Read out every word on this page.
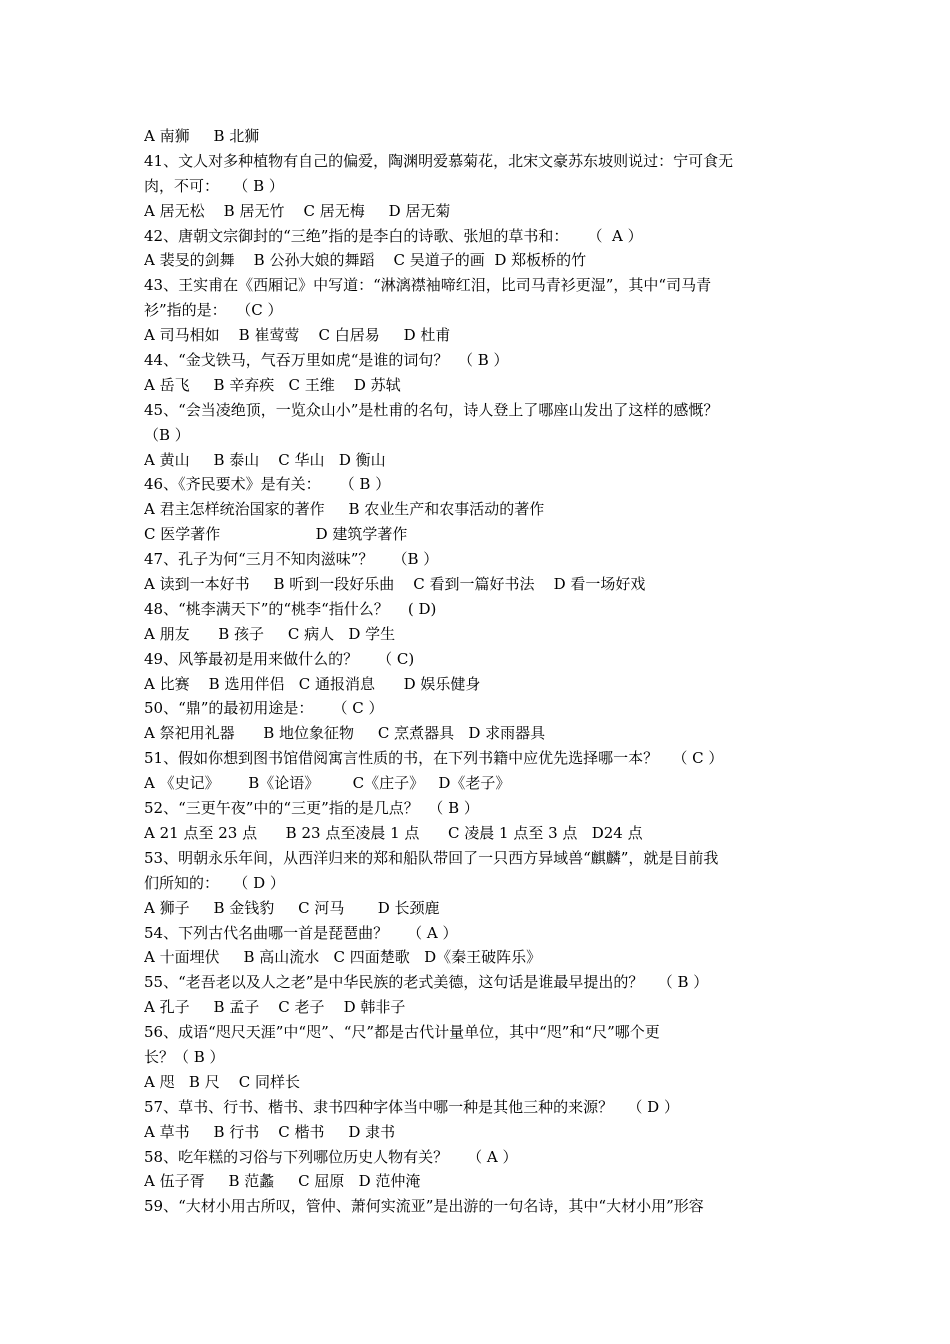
A 南狮     B 北狮
41、文人对多种植物有自己的偏爱，陶渊明爱慕菊花，北宋文豪苏东坡则说过：宁可食无
肉，不可：   （ B ）
A 居无松    B 居无竹    C 居无梅     D 居无菊
42、唐朝文宗御封的“三绝”指的是李白的诗歌、张旭的草书和：    （  A ）
A 裴旻的剑舞    B 公孙大娘的舞蹈    C 吴道子的画  D 郑板桥的竹
43、王实甫在《西厢记》中写道：“淋漓襟袖啼红泪，比司马青衫更湿”，其中“司马青
衫”指的是：  （C ）
A 司马相如    B 崔莺莺    C 白居易     D 杜甫
44、“金戈铁马，气吞万里如虎“是谁的词句？  （ B ）
A 岳飞     B 辛弃疾   C 王维    D 苏轼
45、“会当凌绝顶，一览众山小”是杜甫的名句，诗人登上了哪座山发出了这样的感慨？
（B ）
A 黄山     B 泰山    C 华山   D 衡山
46、《齐民要术》是有关：    （ B ）
A 君主怎样统治国家的著作     B 农业生产和农事活动的著作
C 医学著作                    D 建筑学著作
47、孔子为何“三月不知肉滋味”？    （B ）
A 读到一本好书     B 听到一段好乐曲    C 看到一篇好书法    D 看一场好戏
48、“桃李满天下”的“桃李“指什么？    ( D)
A 朋友      B 孩子     C 病人   D 学生
49、风筝最初是用来做什么的？    （ C)
A 比赛    B 选用伴侣   C 通报消息      D 娱乐健身
50、“鼎”的最初用途是：    （ C ）
A 祭祀用礼器      B 地位象征物     C 烹煮器具   D 求雨器具
51、假如你想到图书馆借阅寓言性质的书，在下列书籍中应优先选择哪一本？   （ C ）
A 《史记》      B《论语》       C《庄子》   D《老子》
52、“三更午夜”中的“三更”指的是几点？  （ B ）
A 21 点至 23 点      B 23 点至凌晨 1 点      C 凌晨 1 点至 3 点   D24 点
53、明朝永乐年间，从西洋归来的郑和船队带回了一只西方异域兽“麒麟”，就是目前我
们所知的：   （ D ）
A 狮子     B 金钱豹     C 河马       D 长颈鹿
54、下列古代名曲哪一首是琵琶曲？    （ A ）
A 十面埋伏     B 高山流水   C 四面楚歌   D《秦王破阵乐》
55、“老吾老以及人之老”是中华民族的老式美德，这句话是谁最早提出的？   （ B ）
A 孔子     B 孟子    C 老子    D 韩非子
56、成语“咫尺天涯”中“咫”、“尺”都是古代计量单位，其中“咫”和“尺”哪个更
长？（ B ）
A 咫   B 尺    C 同样长
57、草书、行书、楷书、隶书四种字体当中哪一种是其他三种的来源？   （ D ）
A 草书     B 行书    C 楷书     D 隶书
58、吃年糕的习俗与下列哪位历史人物有关？    （ A ）
A 伍子胥     B 范蠡     C 屈原   D 范仲淹
59、“大材小用古所叹，管仲、萧何实流亚”是出游的一句名诗，其中“大材小用”形容
